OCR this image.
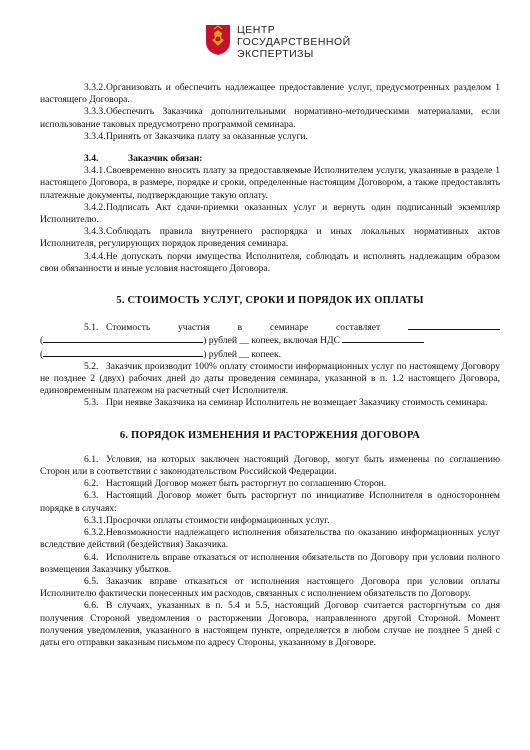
ЦЕНТР
ГОСУДАРСТВЕННОЙ
ЭКСПЕРТИЗЫ

3.3.2.Организовать и обеспечить надлежащее предоставление услуг, предусмотренных разделом 1 настоящего Договора.

3.3.3.Обеспечить Заказчика дополнительными нормативно-методическими материалами, если использование таковых предусмотрено программой семинара.

3.3.4.Принять от Заказчика плату за оказанные услуги.

3.4.	Заказчик обязан:

3.4.1.Своевременно вносить плату за предоставляемые Исполнителем услуги, указанные в разделе 1 настоящего Договора, в размере, порядке и сроки, определенные настоящим Договором, а также предоставлять платежные документы, подтверждающие такую оплату.

3.4.2.Подписать Акт сдачи-приемки оказанных услуг и вернуть один подписанный экземпляр Исполнителю.

3.4.3.Соблюдать правила внутреннего распорядка и иных локальных нормативных актов Исполнителя, регулирующих порядок проведения семинара.

3.4.4.Не допускать порчи имущества Исполнителя, соблюдать и исполнять надлежащим образом свои обязанности и иные условия настоящего Договора.

5. СТОИМОСТЬ УСЛУГ, СРОКИ И ПОРЯДОК ИХ ОПЛАТЫ

5.1. Стоимость участия в семинаре составляет

(	) рублей __ копеек, включая НДС

(	) рублей __ копеек.

5.2. Заказчик производит 100% оплату стоимости информационных услуг по настоящему Договору не позднее 2 (двух) рабочих дней до даты проведения семинара, указанной в п. 1.2 настоящего Договора, единовременным платежом на расчетный счет Исполнителя.

5.3. При неявке Заказчика на семинар Исполнитель не возмещает Заказчику стоимость семинара.

6. ПОРЯДОК ИЗМЕНЕНИЯ И РАСТОРЖЕНИЯ ДОГОВОРА

6.1. Условия, на которых заключен настоящий Договор, могут быть изменены по соглашению Сторон или в соответствии с законодательством Российской Федерации.

6.2. Настоящий Договор может быть расторгнут по соглашению Сторон.

6.3. Настоящий Договор может быть расторгнут по инициативе Исполнителя в одностороннем порядке в случаях:

6.3.1.Просрочки оплаты стоимости информационных услуг.

6.3.2.Невозможности надлежащего исполнения обязательства по оказанию информационных услуг вследствие действий (бездействия) Заказчика.

6.4. Исполнитель вправе отказаться от исполнения обязательств по Договору при условии полного возмещения Заказчику убытков.

6.5. Заказчик вправе отказаться от исполнения настоящего Договора при условии оплаты Исполнителю фактически понесенных им расходов, связанных с исполнением обязательств по Договору.

6.6. В случаях, указанных в п. 5.4 и 5.5, настоящий Договор считается расторгнутым со дня получения Стороной уведомления о расторжении Договора, направленного другой Стороной. Момент получения уведомления, указанного в настоящем пункте, определяется в любом случае не позднее 5 дней с даты его отправки заказным письмом по адресу Стороны, указанному в Договоре.
